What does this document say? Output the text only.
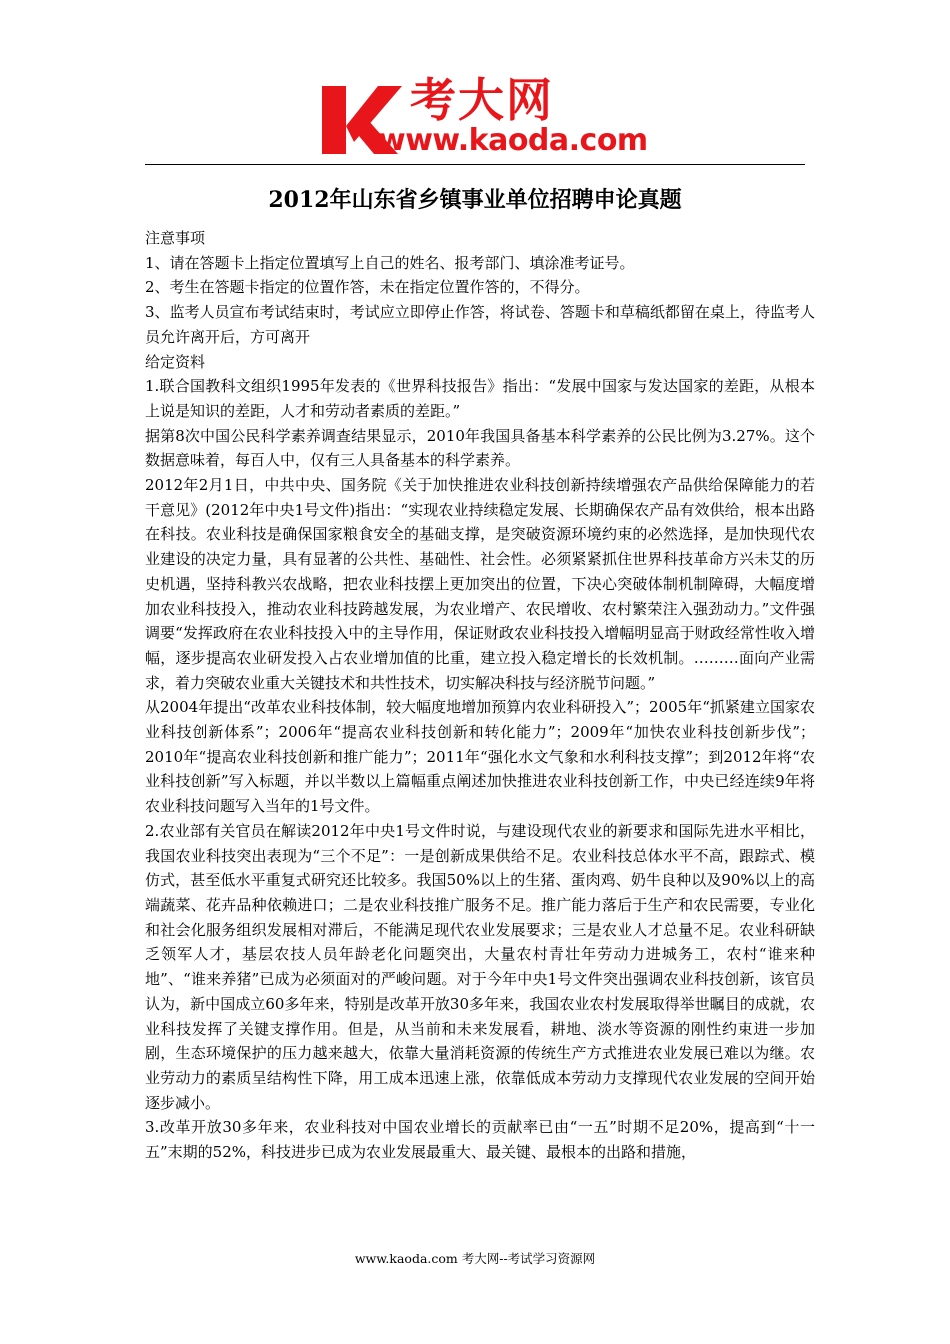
考大网
www.kaoda.com
2012年山东省乡镇事业单位招聘申论真题

注意事项

1、请在答题卡上指定位置填写上自己的姓名、报考部门、填涂准考证号。

2、考生在答题卡指定的位置作答，未在指定位置作答的，不得分。

3、监考人员宣布考试结束时，考试应立即停止作答，将试卷、答题卡和草稿纸都留在桌上，待监考人员允许离开后，方可离开

给定资料

1.联合国教科文组织1995年发表的《世界科技报告》指出：“发展中国家与发达国家的差距，从根本上说是知识的差距，人才和劳动者素质的差距。”

据第8次中国公民科学素养调查结果显示，2010年我国具备基本科学素养的公民比例为3.27%。这个数据意味着，每百人中，仅有三人具备基本的科学素养。

2012年2月1日，中共中央、国务院《关于加快推进农业科技创新持续增强农产品供给保障能力的若干意见》(2012年中央1号文件)指出：“实现农业持续稳定发展、长期确保农产品有效供给，根本出路在科技。农业科技是确保国家粮食安全的基础支撑，是突破资源环境约束的必然选择，是加快现代农业建设的决定力量，具有显著的公共性、基础性、社会性。必须紧紧抓住世界科技革命方兴未艾的历史机遇，坚持科教兴农战略，把农业科技摆上更加突出的位置，下决心突破体制机制障碍，大幅度增加农业科技投入，推动农业科技跨越发展，为农业增产、农民增收、农村繁荣注入强劲动力。”文件强调要“发挥政府在农业科技投入中的主导作用，保证财政农业科技投入增幅明显高于财政经常性收入增幅，逐步提高农业研发投入占农业增加值的比重，建立投入稳定增长的长效机制。………面向产业需求，着力突破农业重大关键技术和共性技术，切实解决科技与经济脱节问题。”

从2004年提出“改革农业科技体制，较大幅度地增加预算内农业科研投入”；2005年“抓紧建立国家农业科技创新体系”；2006年“提高农业科技创新和转化能力”；2009年“加快农业科技创新步伐”；2010年“提高农业科技创新和推广能力”；2011年“强化水文气象和水利科技支撑”；到2012年将“农业科技创新”写入标题，并以半数以上篇幅重点阐述加快推进农业科技创新工作，中央已经连续9年将农业科技问题写入当年的1号文件。

2.农业部有关官员在解读2012年中央1号文件时说，与建设现代农业的新要求和国际先进水平相比，我国农业科技突出表现为“三个不足”：一是创新成果供给不足。农业科技总体水平不高，跟踪式、模仿式，甚至低水平重复式研究还比较多。我国50%以上的生猪、蛋肉鸡、奶牛良种以及90%以上的高端蔬菜、花卉品种依赖进口；二是农业科技推广服务不足。推广能力落后于生产和农民需要，专业化和社会化服务组织发展相对滞后，不能满足现代农业发展要求；三是农业人才总量不足。农业科研缺乏领军人才，基层农技人员年龄老化问题突出，大量农村青壮年劳动力进城务工，农村“谁来种地”、“谁来养猪”已成为必须面对的严峻问题。对于今年中央1号文件突出强调农业科技创新，该官员认为，新中国成立60多年来，特别是改革开放30多年来，我国农业农村发展取得举世瞩目的成就，农业科技发挥了关键支撑作用。但是，从当前和未来发展看，耕地、淡水等资源的刚性约束进一步加剧，生态环境保护的压力越来越大，依靠大量消耗资源的传统生产方式推进农业发展已难以为继。农业劳动力的素质呈结构性下降，用工成本迅速上涨，依靠低成本劳动力支撑现代农业发展的空间开始逐步减小。

3.改革开放30多年来，农业科技对中国农业增长的贡献率已由“一五”时期不足20%，提高到“十一五”末期的52%，科技进步已成为农业发展最重大、最关键、最根本的出路和措施，

www.kaoda.com 考大网--考试学习资源网
